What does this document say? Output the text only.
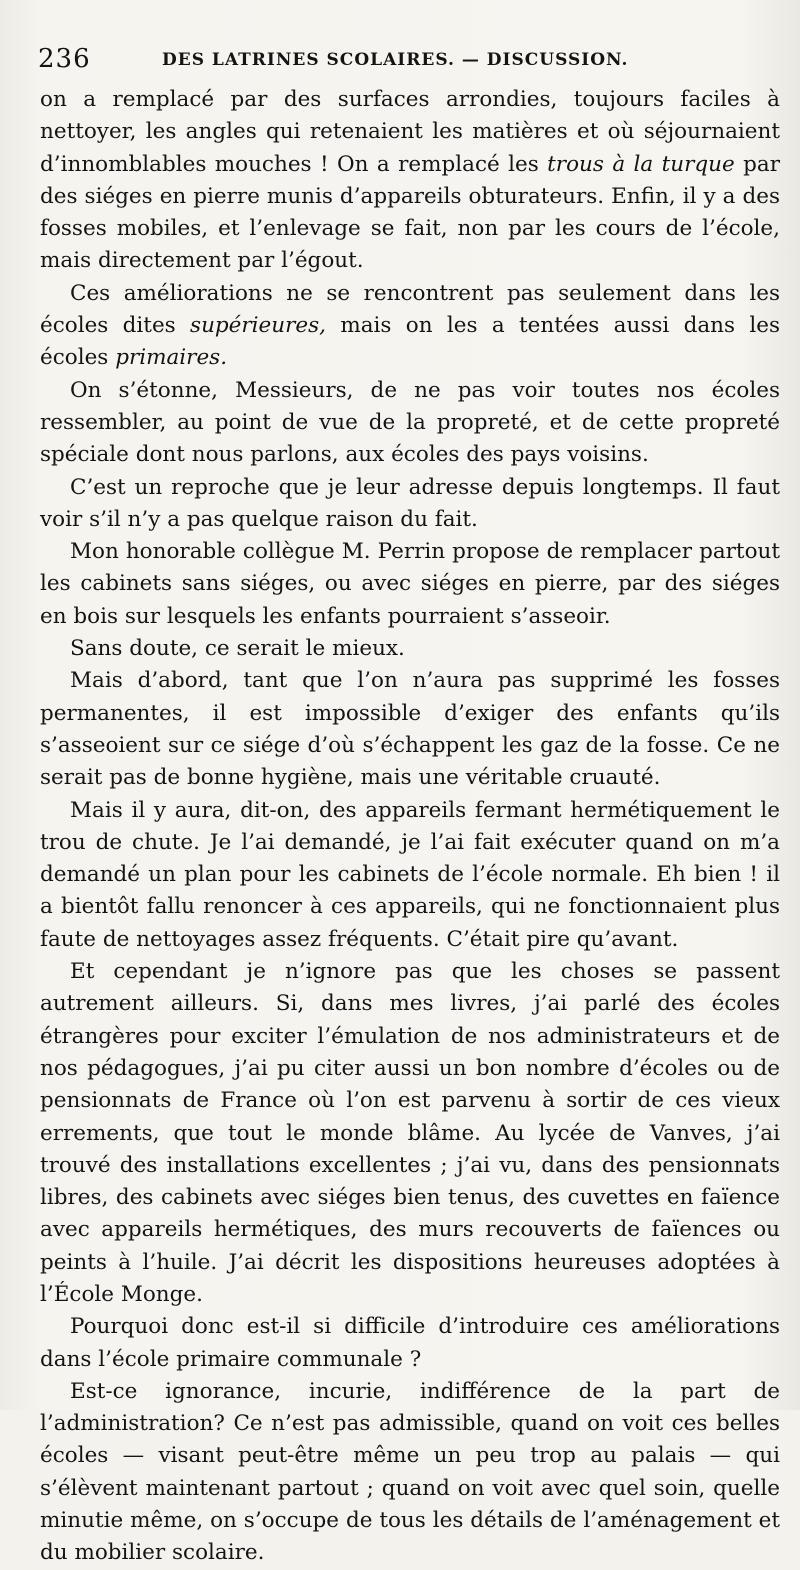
236	DES LATRINES SCOLAIRES. — DISCUSSION.

on a remplacé par des surfaces arrondies, toujours faciles à nettoyer, les angles qui retenaient les matières et où séjournaient d’innomblables mouches ! On a remplacé les trous à la turque par des siéges en pierre munis d’appareils obturateurs. Enfin, il y a des fosses mobiles, et l’enlevage se fait, non par les cours de l’école, mais directement par l’égout.

Ces améliorations ne se rencontrent pas seulement dans les écoles dites supérieures, mais on les a tentées aussi dans les écoles primaires.

On s’étonne, Messieurs, de ne pas voir toutes nos écoles ressembler, au point de vue de la propreté, et de cette propreté spéciale dont nous parlons, aux écoles des pays voisins.

C’est un reproche que je leur adresse depuis longtemps. Il faut voir s’il n’y a pas quelque raison du fait.

Mon honorable collègue M. Perrin propose de remplacer partout les cabinets sans siéges, ou avec siéges en pierre, par des siéges en bois sur lesquels les enfants pourraient s’asseoir.

Sans doute, ce serait le mieux.

Mais d’abord, tant que l’on n’aura pas supprimé les fosses permanentes, il est impossible d’exiger des enfants qu’ils s’asseoient sur ce siége d’où s’échappent les gaz de la fosse. Ce ne serait pas de bonne hygiène, mais une véritable cruauté.

Mais il y aura, dit-on, des appareils fermant hermétiquement le trou de chute. Je l’ai demandé, je l’ai fait exécuter quand on m’a demandé un plan pour les cabinets de l’école normale. Eh bien ! il a bientôt fallu renoncer à ces appareils, qui ne fonctionnaient plus faute de nettoyages assez fréquents. C’était pire qu’avant.

Et cependant je n’ignore pas que les choses se passent autrement ailleurs. Si, dans mes livres, j’ai parlé des écoles étrangères pour exciter l’émulation de nos administrateurs et de nos pédagogues, j’ai pu citer aussi un bon nombre d’écoles ou de pensionnats de France où l’on est parvenu à sortir de ces vieux errements, que tout le monde blâme. Au lycée de Vanves, j’ai trouvé des installations excellentes ; j’ai vu, dans des pensionnats libres, des cabinets avec siéges bien tenus, des cuvettes en faïence avec appareils hermétiques, des murs recouverts de faïences ou peints à l’huile. J’ai décrit les dispositions heureuses adoptées à l’École Monge.

Pourquoi donc est-il si difficile d’introduire ces améliorations dans l’école primaire communale ?

Est-ce ignorance, incurie, indifférence de la part de l’administration? Ce n’est pas admissible, quand on voit ces belles écoles — visant peut-être même un peu trop au palais — qui s’élèvent maintenant partout ; quand on voit avec quel soin, quelle minutie même, on s’occupe de tous les détails de l’aménagement et du mobilier scolaire.
